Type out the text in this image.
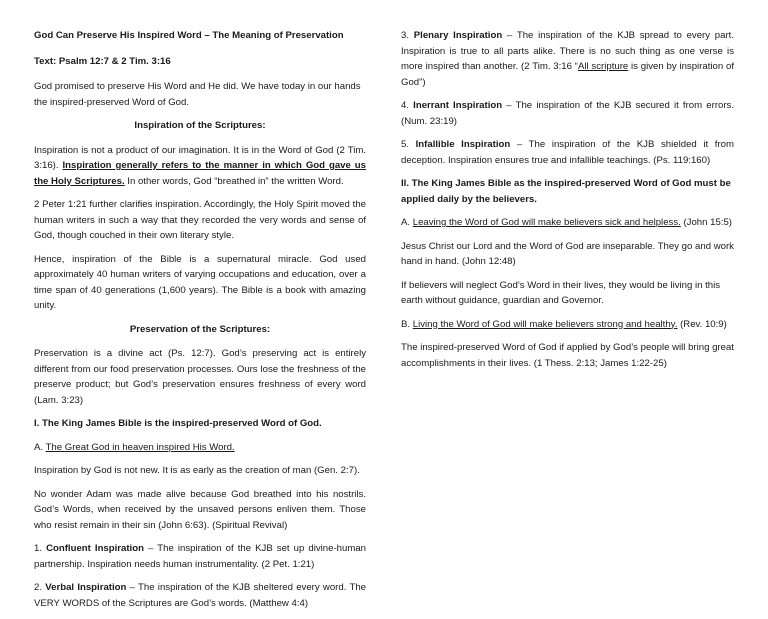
God Can Preserve His Inspired Word – The Meaning of Preservation

Text: Psalm 12:7 & 2 Tim. 3:16

God promised to preserve His Word and He did. We have today in our hands the inspired-preserved Word of God.

Inspiration of the Scriptures:

Inspiration is not a product of our imagination. It is in the Word of God (2 Tim. 3:16). Inspiration generally refers to the manner in which God gave us the Holy Scriptures. In other words, God “breathed in” the written Word.

2 Peter 1:21 further clarifies inspiration. Accordingly, the Holy Spirit moved the human writers in such a way that they recorded the very words and sense of God, though couched in their own literary style.

Hence, inspiration of the Bible is a supernatural miracle. God used approximately 40 human writers of varying occupations and education, over a time span of 40 generations (1,600 years). The Bible is a book with amazing unity.

Preservation of the Scriptures:

Preservation is a divine act (Ps. 12:7). God’s preserving act is entirely different from our food preservation processes. Ours lose the freshness of the preserve product; but God’s preservation ensures freshness of every word (Lam. 3:23)

I. The King James Bible is the inspired-preserved Word of God.

A. The Great God in heaven inspired His Word.

Inspiration by God is not new. It is as early as the creation of man (Gen. 2:7).

No wonder Adam was made alive because God breathed into his nostrils. God’s Words, when received by the unsaved persons enliven them. Those who resist remain in their sin (John 6:63). (Spiritual Revival)

1. Confluent Inspiration – The inspiration of the KJB set up divine-human partnership. Inspiration needs human instrumentality. (2 Pet. 1:21)

2. Verbal Inspiration – The inspiration of the KJB sheltered every word. The VERY WORDS of the Scriptures are God’s words. (Matthew 4:4)

3. Plenary Inspiration – The inspiration of the KJB spread to every part. Inspiration is true to all parts alike. There is no such thing as one verse is more inspired than another. (2 Tim. 3:16 “All scripture is given by inspiration of God”)

4. Inerrant Inspiration – The inspiration of the KJB secured it from errors. (Num. 23:19)

5. Infallible Inspiration – The inspiration of the KJB shielded it from deception. Inspiration ensures true and infallible teachings. (Ps. 119:160)

II. The King James Bible as the inspired-preserved Word of God must be applied daily by the believers.

A. Leaving the Word of God will make believers sick and helpless. (John 15:5)

Jesus Christ our Lord and the Word of God are inseparable. They go and work hand in hand. (John 12:48)

If believers will neglect God’s Word in their lives, they would be living in this earth without guidance, guardian and Governor.

B. Living the Word of God will make believers strong and healthy. (Rev. 10:9)

The inspired-preserved Word of God if applied by God’s people will bring great accomplishments in their lives. (1 Thess. 2:13; James 1:22-25)
